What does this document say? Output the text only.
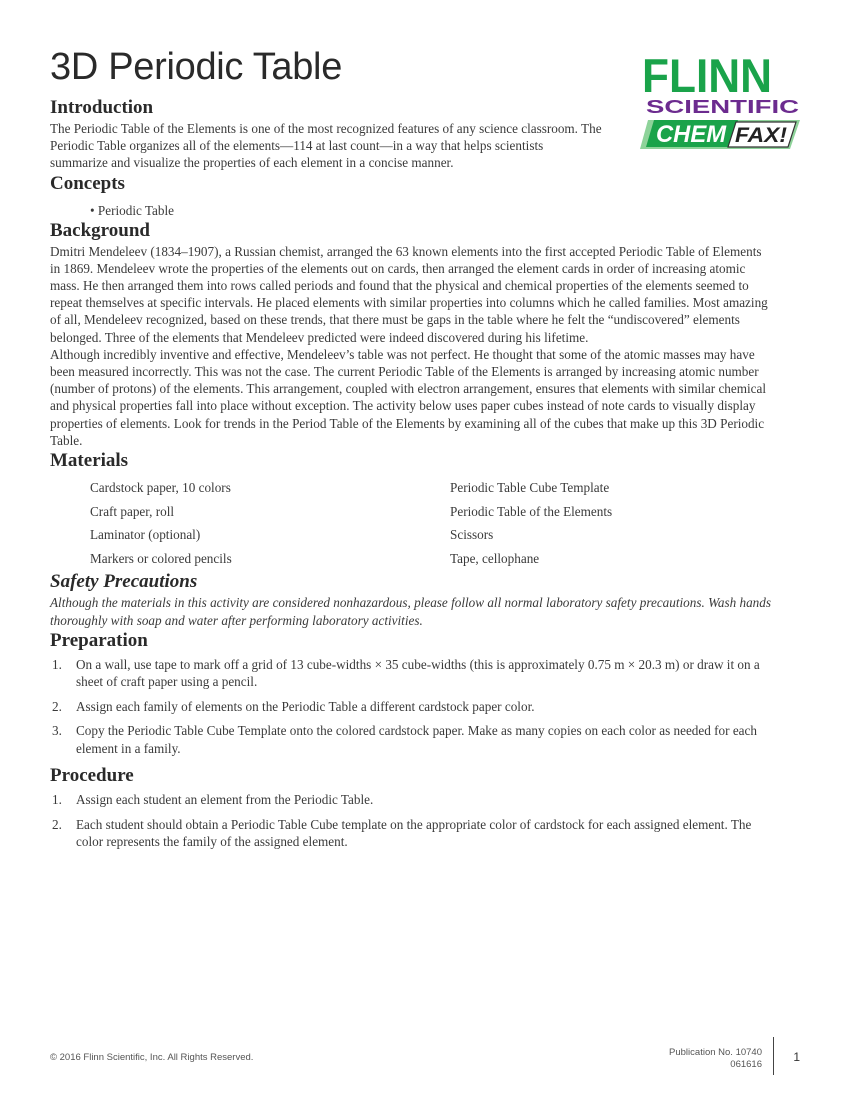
3D Periodic Table	FLINN
SCIENTIFIC
CHEM FAX!
Introduction

The Periodic Table of the Elements is one of the most recognized features of any science classroom. The Periodic Table organizes all of the elements—114 at last count—in a way that helps scientists summarize and visualize the properties of each element in a concise manner.

Concepts
• Periodic Table
Background

Dmitri Mendeleev (1834–1907), a Russian chemist, arranged the 63 known elements into the first accepted Periodic Table of Elements in 1869. Mendeleev wrote the properties of the elements out on cards, then arranged the element cards in order of increasing atomic mass. He then arranged them into rows called periods and found that the physical and chemical properties of the elements seemed to repeat themselves at specific intervals. He placed elements with similar properties into columns which he called families. Most amazing of all, Mendeleev recognized, based on these trends, that there must be gaps in the table where he felt the “undiscovered” elements belonged. Three of the elements that Mendeleev predicted were indeed discovered during his lifetime.

Although incredibly inventive and effective, Mendeleev’s table was not perfect. He thought that some of the atomic masses may have been measured incorrectly. This was not the case. The current Periodic Table of the Elements is arranged by increasing atomic number (number of protons) of the elements. This arrangement, coupled with electron arrangement, ensures that elements with similar chemical and physical properties fall into place without exception. The activity below uses paper cubes instead of note cards to visually display properties of elements. Look for trends in the Period Table of the Elements by examining all of the cubes that make up this 3D Periodic Table.

Materials
Cardstock paper, 10 colors	Periodic Table Cube Template
Craft paper, roll	Periodic Table of the Elements
Laminator (optional)	Scissors
Markers or colored pencils	Tape, cellophane
Safety Precautions

Although the materials in this activity are considered nonhazardous, please follow all normal laboratory safety precautions. Wash hands thoroughly with soap and water after performing laboratory activities.

Preparation
1.	On a wall, use tape to mark off a grid of 13 cube-widths × 35 cube-widths (this is approximately 0.75 m × 20.3 m) or draw it on a sheet of craft paper using a pencil.
2.	Assign each family of elements on the Periodic Table a different cardstock paper color.
3.	Copy the Periodic Table Cube Template onto the colored cardstock paper. Make as many copies on each color as needed for each element in a family.
Procedure
1.	Assign each student an element from the Periodic Table.
2.	Each student should obtain a Periodic Table Cube template on the appropriate color of cardstock for each assigned element. The color represents the family of the assigned element.
© 2016 Flinn Scientific, Inc. All Rights Reserved.	Publication No. 10740
061616
1
